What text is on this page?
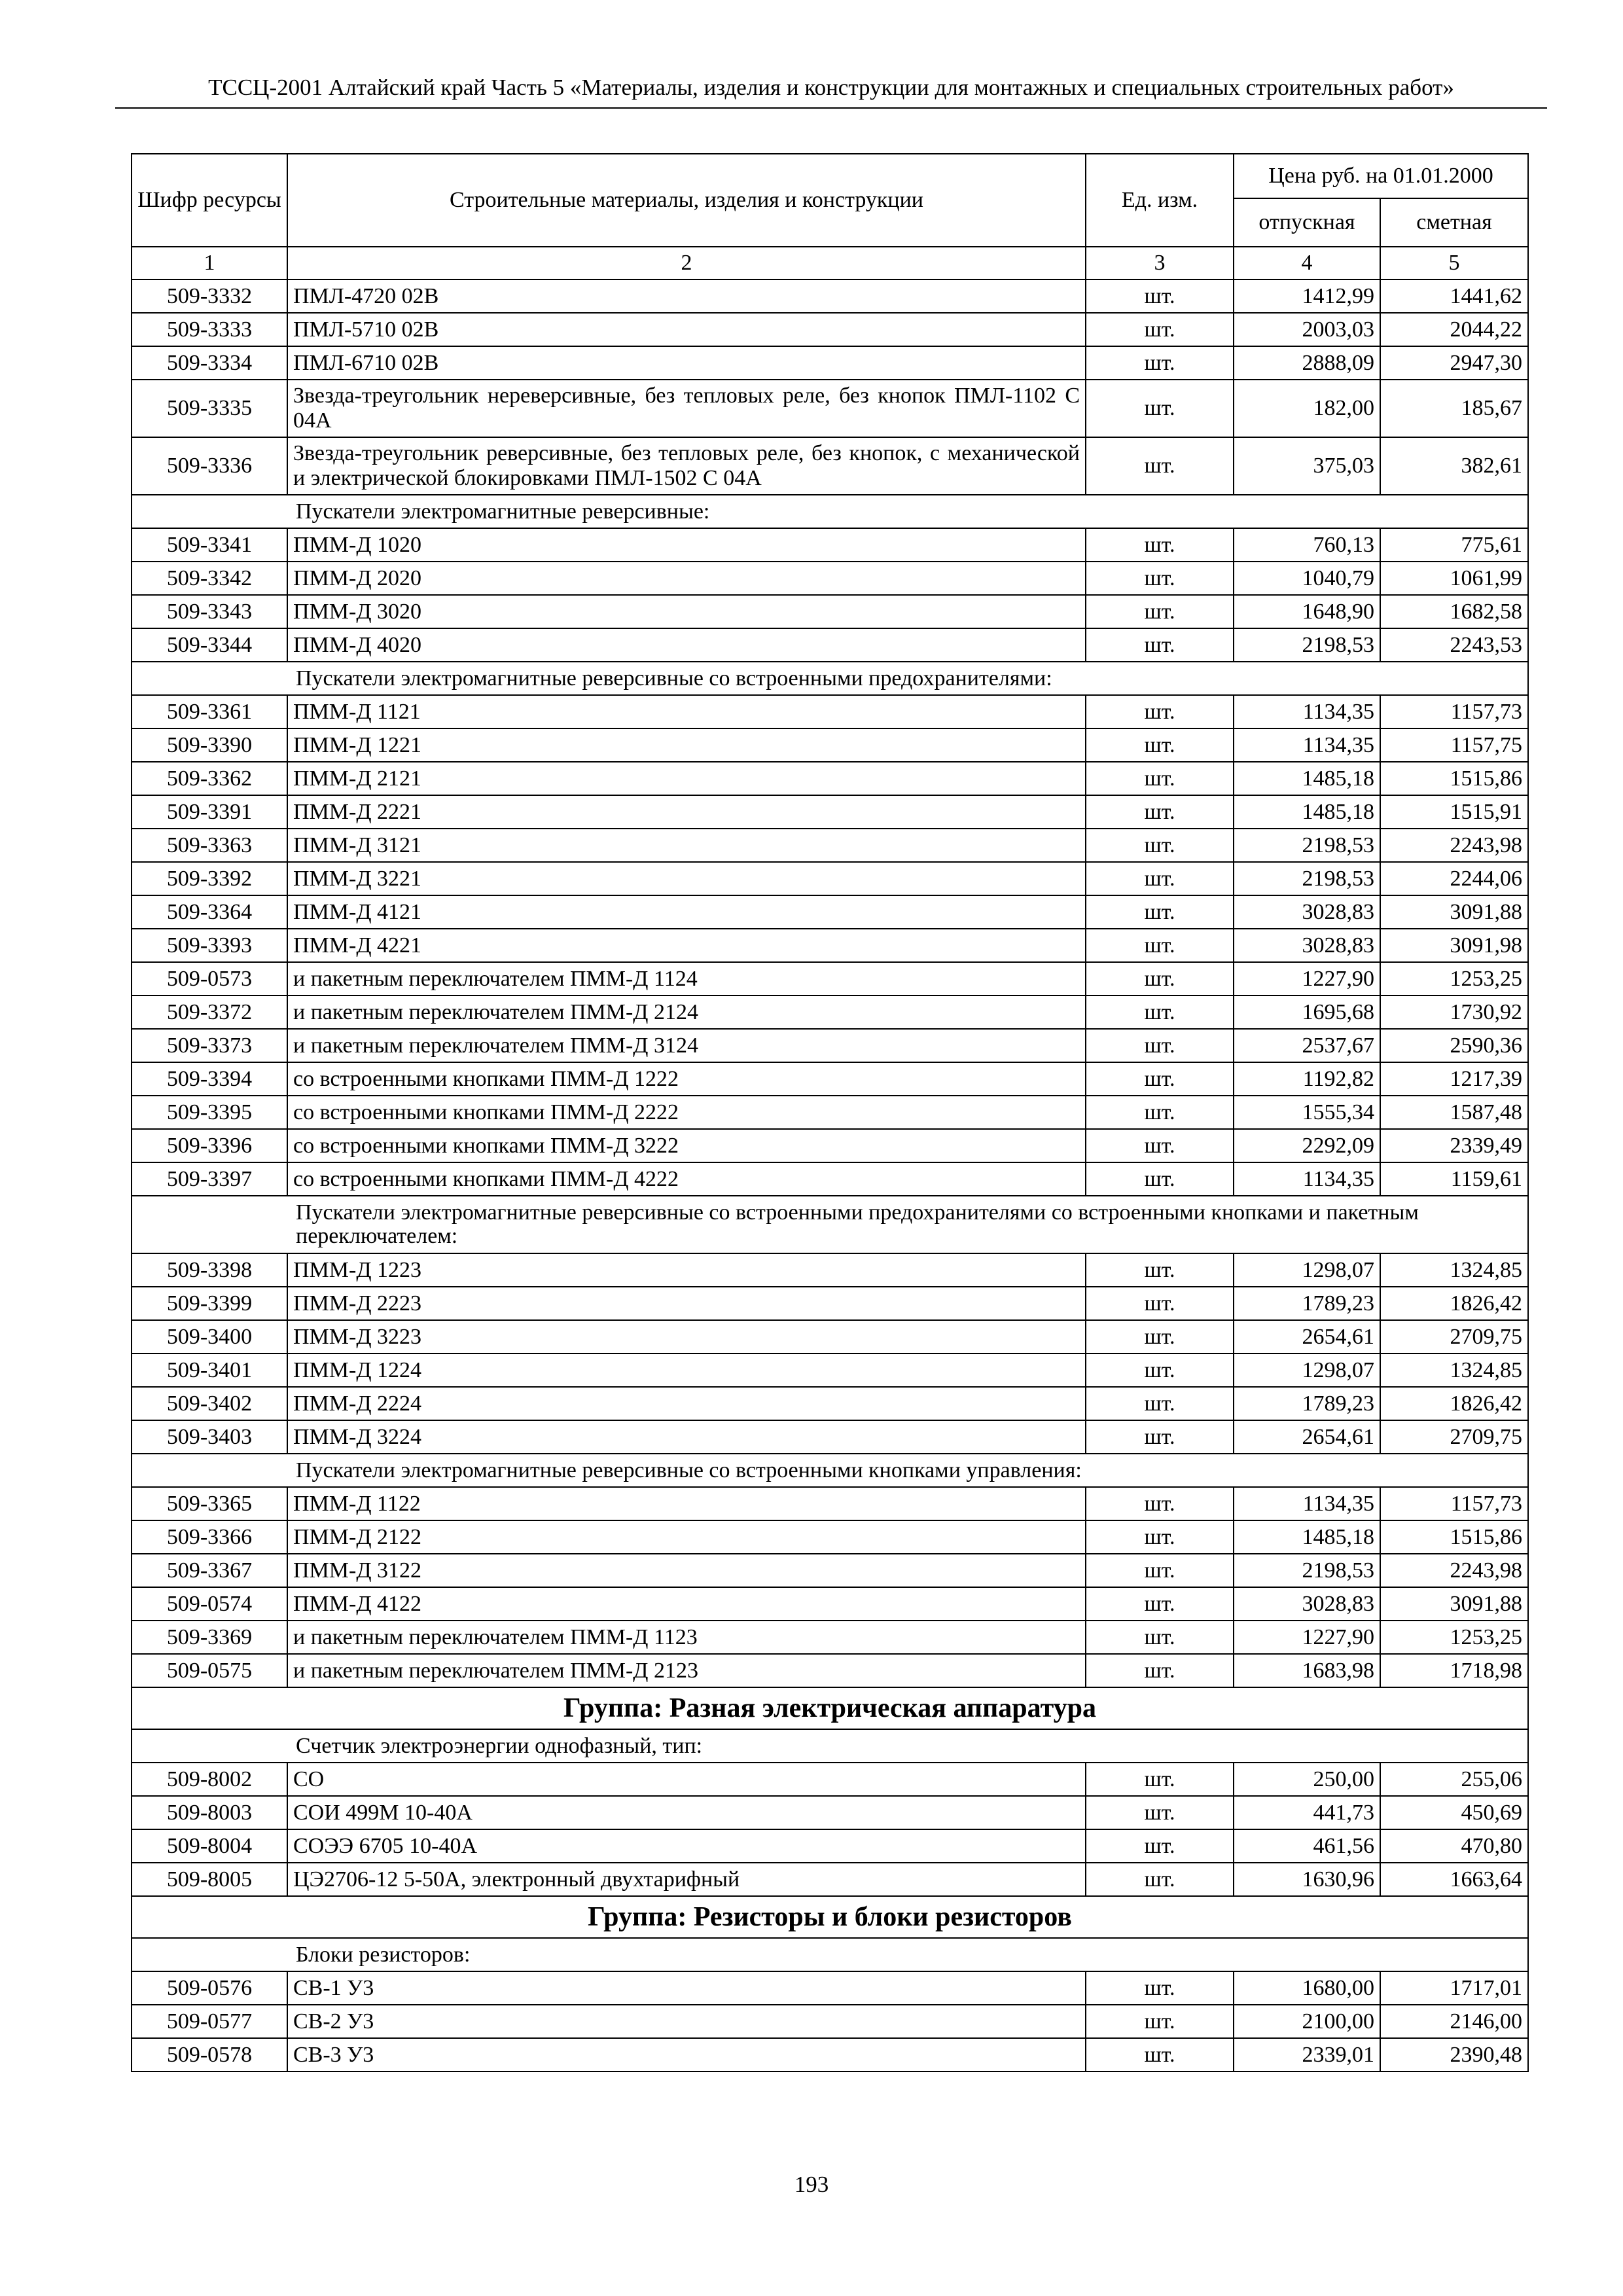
ТССЦ-2001 Алтайский край Часть 5 «Материалы, изделия и конструкции для монтажных и специальных строительных работ»
Шифр ресурсы	Строительные материалы, изделия и конструкции	Ед. изм.	Цена руб. на 01.01.2000	
			отпускная	сметная
1	2	3	4	5
509-3332	ПМЛ-4720 02В	шт.	1412,99	1441,62
509-3333	ПМЛ-5710 02В	шт.	2003,03	2044,22
509-3334	ПМЛ-6710 02В	шт.	2888,09	2947,30
509-3335	Звезда-треугольник нереверсивные, без тепловых реле, без кнопок ПМЛ-1102 С 04А	шт.	182,00	185,67
509-3336	Звезда-треугольник реверсивные, без тепловых реле, без кнопок, с механической и электрической блокировками ПМЛ-1502 С 04А	шт.	375,03	382,61
Пускатели электромагнитные реверсивные:				
509-3341	ПММ-Д 1020	шт.	760,13	775,61
509-3342	ПММ-Д 2020	шт.	1040,79	1061,99
509-3343	ПММ-Д 3020	шт.	1648,90	1682,58
509-3344	ПММ-Д 4020	шт.	2198,53	2243,53
Пускатели электромагнитные реверсивные со встроенными предохранителями:				
509-3361	ПММ-Д 1121	шт.	1134,35	1157,73
509-3390	ПММ-Д 1221	шт.	1134,35	1157,75
509-3362	ПММ-Д 2121	шт.	1485,18	1515,86
509-3391	ПММ-Д 2221	шт.	1485,18	1515,91
509-3363	ПММ-Д 3121	шт.	2198,53	2243,98
509-3392	ПММ-Д 3221	шт.	2198,53	2244,06
509-3364	ПММ-Д 4121	шт.	3028,83	3091,88
509-3393	ПММ-Д 4221	шт.	3028,83	3091,98
509-0573	и пакетным переключателем ПММ-Д 1124	шт.	1227,90	1253,25
509-3372	и пакетным переключателем ПММ-Д 2124	шт.	1695,68	1730,92
509-3373	и пакетным переключателем ПММ-Д 3124	шт.	2537,67	2590,36
509-3394	со встроенными кнопками ПММ-Д 1222	шт.	1192,82	1217,39
509-3395	со встроенными кнопками ПММ-Д 2222	шт.	1555,34	1587,48
509-3396	со встроенными кнопками ПММ-Д 3222	шт.	2292,09	2339,49
509-3397	со встроенными кнопками ПММ-Д 4222	шт.	1134,35	1159,61
Пускатели электромагнитные реверсивные со встроенными предохранителями со встроенными кнопками и пакетным переключателем:				
509-3398	ПММ-Д 1223	шт.	1298,07	1324,85
509-3399	ПММ-Д 2223	шт.	1789,23	1826,42
509-3400	ПММ-Д 3223	шт.	2654,61	2709,75
509-3401	ПММ-Д 1224	шт.	1298,07	1324,85
509-3402	ПММ-Д 2224	шт.	1789,23	1826,42
509-3403	ПММ-Д 3224	шт.	2654,61	2709,75
Пускатели электромагнитные реверсивные со встроенными кнопками управления:				
509-3365	ПММ-Д 1122	шт.	1134,35	1157,73
509-3366	ПММ-Д 2122	шт.	1485,18	1515,86
509-3367	ПММ-Д 3122	шт.	2198,53	2243,98
509-0574	ПММ-Д 4122	шт.	3028,83	3091,88
509-3369	и пакетным переключателем ПММ-Д 1123	шт.	1227,90	1253,25
509-0575	и пакетным переключателем ПММ-Д 2123	шт.	1683,98	1718,98
Группа: Разная электрическая аппаратура				
Счетчик электроэнергии однофазный, тип:				
509-8002	СО	шт.	250,00	255,06
509-8003	СОИ 499М 10-40А	шт.	441,73	450,69
509-8004	СОЭЭ 6705 10-40А	шт.	461,56	470,80
509-8005	ЦЭ2706-12 5-50А, электронный двухтарифный	шт.	1630,96	1663,64
Группа: Резисторы и блоки резисторов				
Блоки резисторов:				
509-0576	СВ-1 У3	шт.	1680,00	1717,01
509-0577	СВ-2 У3	шт.	2100,00	2146,00
509-0578	СВ-3 У3	шт.	2339,01	2390,48
193
